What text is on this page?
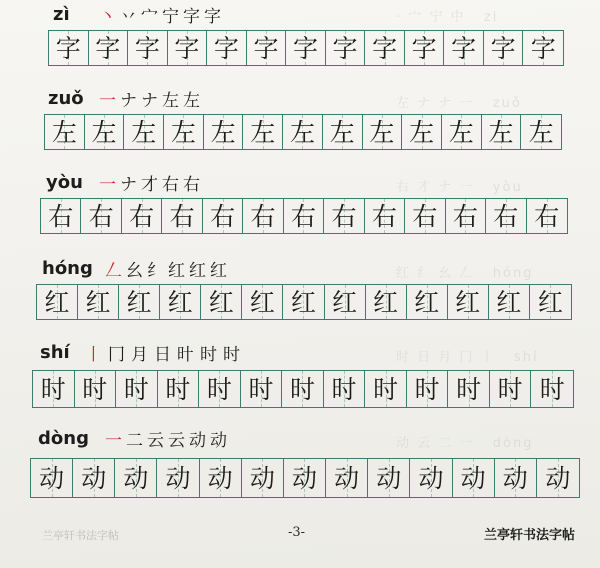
· 宀 宁 中   zi
左 ナ ナ 一   zuǒ
右 才 ナ 一   yòu
红 纟 幺 𠃋   hóng
时 日 月 冂 丨   shí
动 云 二 一   dòng
zì 丶 丷 宀 宁 字 字
字 字 字 字 字 字 字 字 字 字 字 字 字
zuǒ 一 ナ ナ 左 左
左 左 左 左 左 左 左 左 左 左 左 左 左
yòu 一 ナ 才 右 右
右 右 右 右 右 右 右 右 右 右 右 右 右
hóng 𠃋 幺 纟 红 红 红
红 红 红 红 红 红 红 红 红 红 红 红 红
shí 丨 冂 月 日 旪 时 时
时 时 时 时 时 时 时 时 时 时 时 时 时
dòng 一 二 云 云 动 动
动 动 动 动 动 动 动 动 动 动 动 动 动
兰亭轩书法字帖	-3-	兰亭轩书法字帖
